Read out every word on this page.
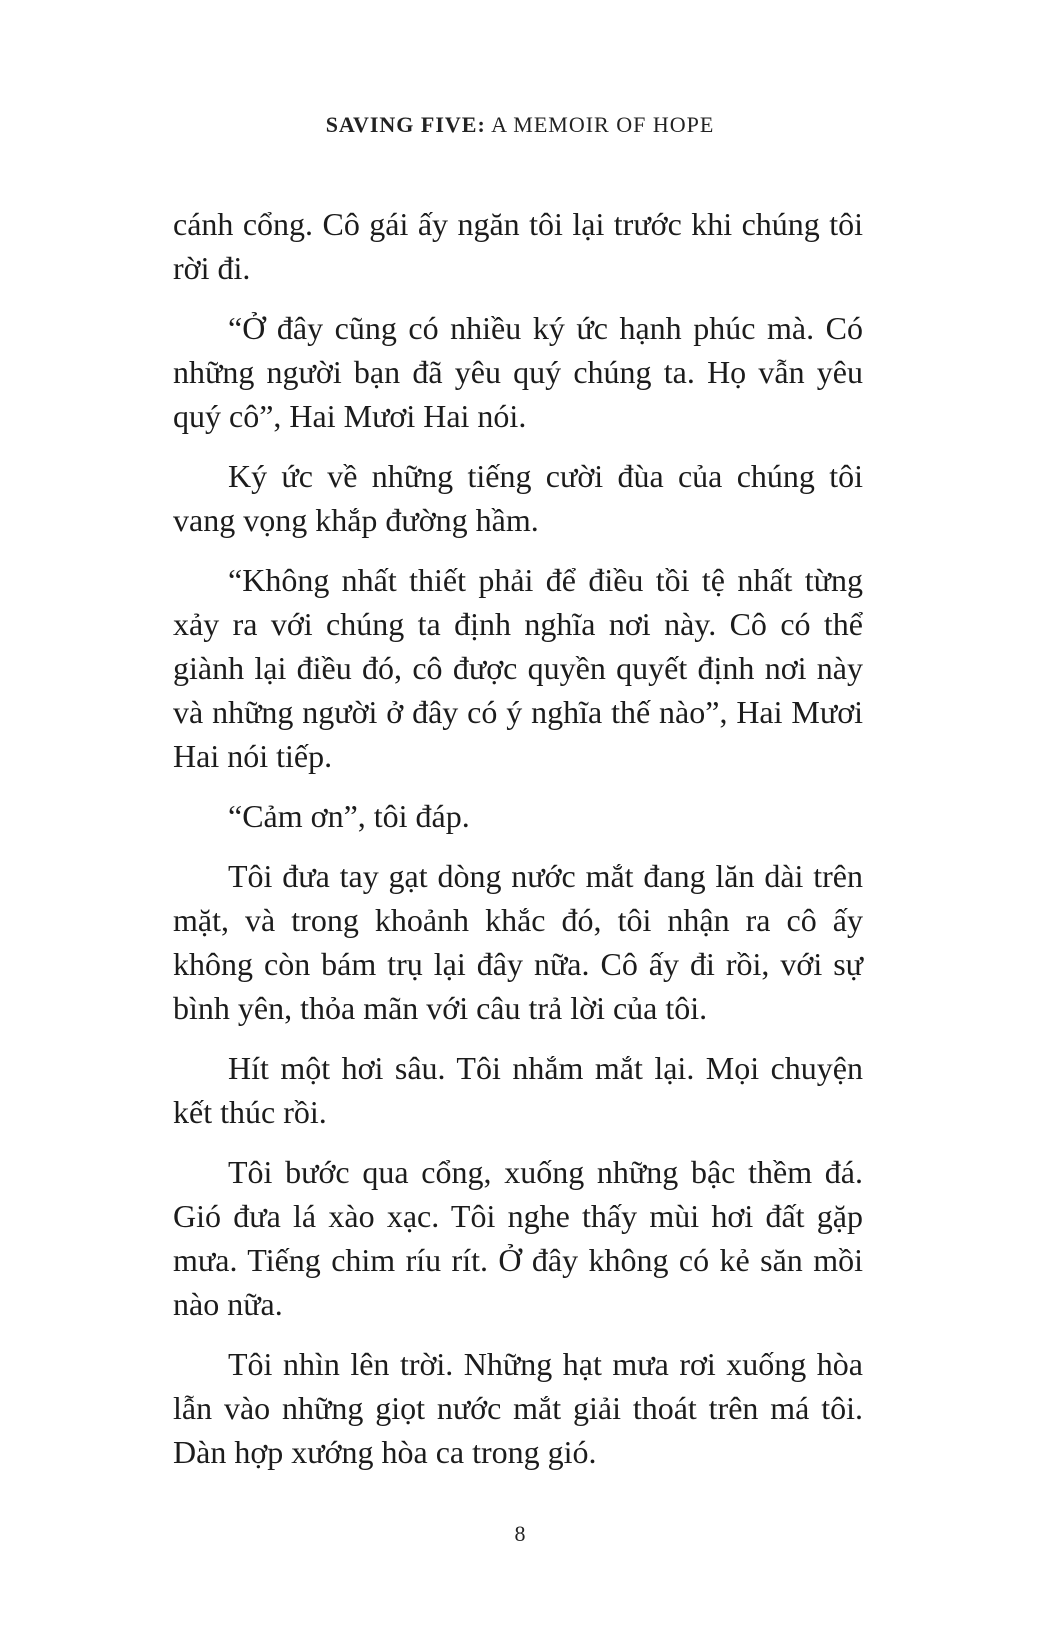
SAVING FIVE: A MEMOIR OF HOPE

cánh cổng. Cô gái ấy ngăn tôi lại trước khi chúng tôi rời đi.

“Ở đây cũng có nhiều ký ức hạnh phúc mà. Có những người bạn đã yêu quý chúng ta. Họ vẫn yêu quý cô”, Hai Mươi Hai nói.

Ký ức về những tiếng cười đùa của chúng tôi vang vọng khắp đường hầm.

“Không nhất thiết phải để điều tồi tệ nhất từng xảy ra với chúng ta định nghĩa nơi này. Cô có thể giành lại điều đó, cô được quyền quyết định nơi này và những người ở đây có ý nghĩa thế nào”, Hai Mươi Hai nói tiếp.

“Cảm ơn”, tôi đáp.

Tôi đưa tay gạt dòng nước mắt đang lăn dài trên mặt, và trong khoảnh khắc đó, tôi nhận ra cô ấy không còn bám trụ lại đây nữa. Cô ấy đi rồi, với sự bình yên, thỏa mãn với câu trả lời của tôi.

Hít một hơi sâu. Tôi nhắm mắt lại. Mọi chuyện kết thúc rồi.

Tôi bước qua cổng, xuống những bậc thềm đá. Gió đưa lá xào xạc. Tôi nghe thấy mùi hơi đất gặp mưa. Tiếng chim ríu rít. Ở đây không có kẻ săn mồi nào nữa.

Tôi nhìn lên trời. Những hạt mưa rơi xuống hòa lẫn vào những giọt nước mắt giải thoát trên má tôi. Dàn hợp xướng hòa ca trong gió.

8
